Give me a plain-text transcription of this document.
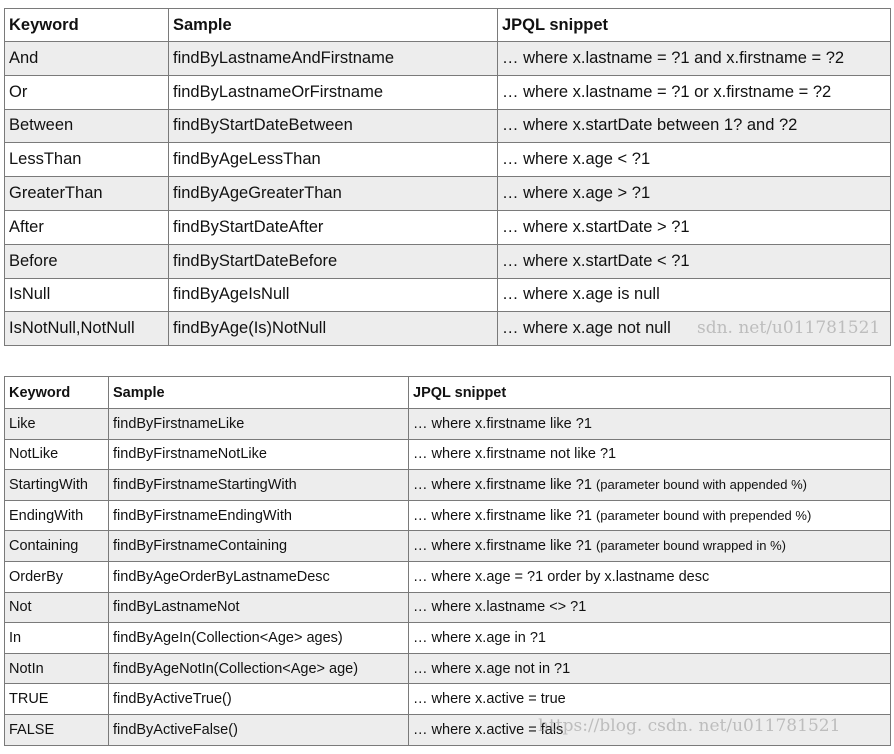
Keyword	Sample	JPQL snippet
And	findByLastnameAndFirstname	… where x.lastname = ?1 and x.firstname = ?2
Or	findByLastnameOrFirstname	… where x.lastname = ?1 or x.firstname = ?2
Between	findByStartDateBetween	… where x.startDate between 1? and ?2
LessThan	findByAgeLessThan	… where x.age < ?1
GreaterThan	findByAgeGreaterThan	… where x.age > ?1
After	findByStartDateAfter	… where x.startDate > ?1
Before	findByStartDateBefore	… where x.startDate < ?1
IsNull	findByAgeIsNull	… where x.age is null
IsNotNull,NotNull	findByAge(Is)NotNull	… where x.age not null sdn. net/u011781521
Keyword	Sample	JPQL snippet
Like	findByFirstnameLike	… where x.firstname like ?1
NotLike	findByFirstnameNotLike	… where x.firstname not like ?1
StartingWith	findByFirstnameStartingWith	… where x.firstname like ?1 (parameter bound with appended %)
EndingWith	findByFirstnameEndingWith	… where x.firstname like ?1 (parameter bound with prepended %)
Containing	findByFirstnameContaining	… where x.firstname like ?1 (parameter bound wrapped in %)
OrderBy	findByAgeOrderByLastnameDesc	… where x.age = ?1 order by x.lastname desc
Not	findByLastnameNot	… where x.lastname <> ?1
In	findByAgeIn(Collection<Age> ages)	… where x.age in ?1
NotIn	findByAgeNotIn(Collection<Age> age)	… where x.age not in ?1
TRUE	findByActiveTrue()	… where x.active = true
FALSE	findByActiveFalse()	… where x.active = fals
https://blog. csdn. net/u011781521
